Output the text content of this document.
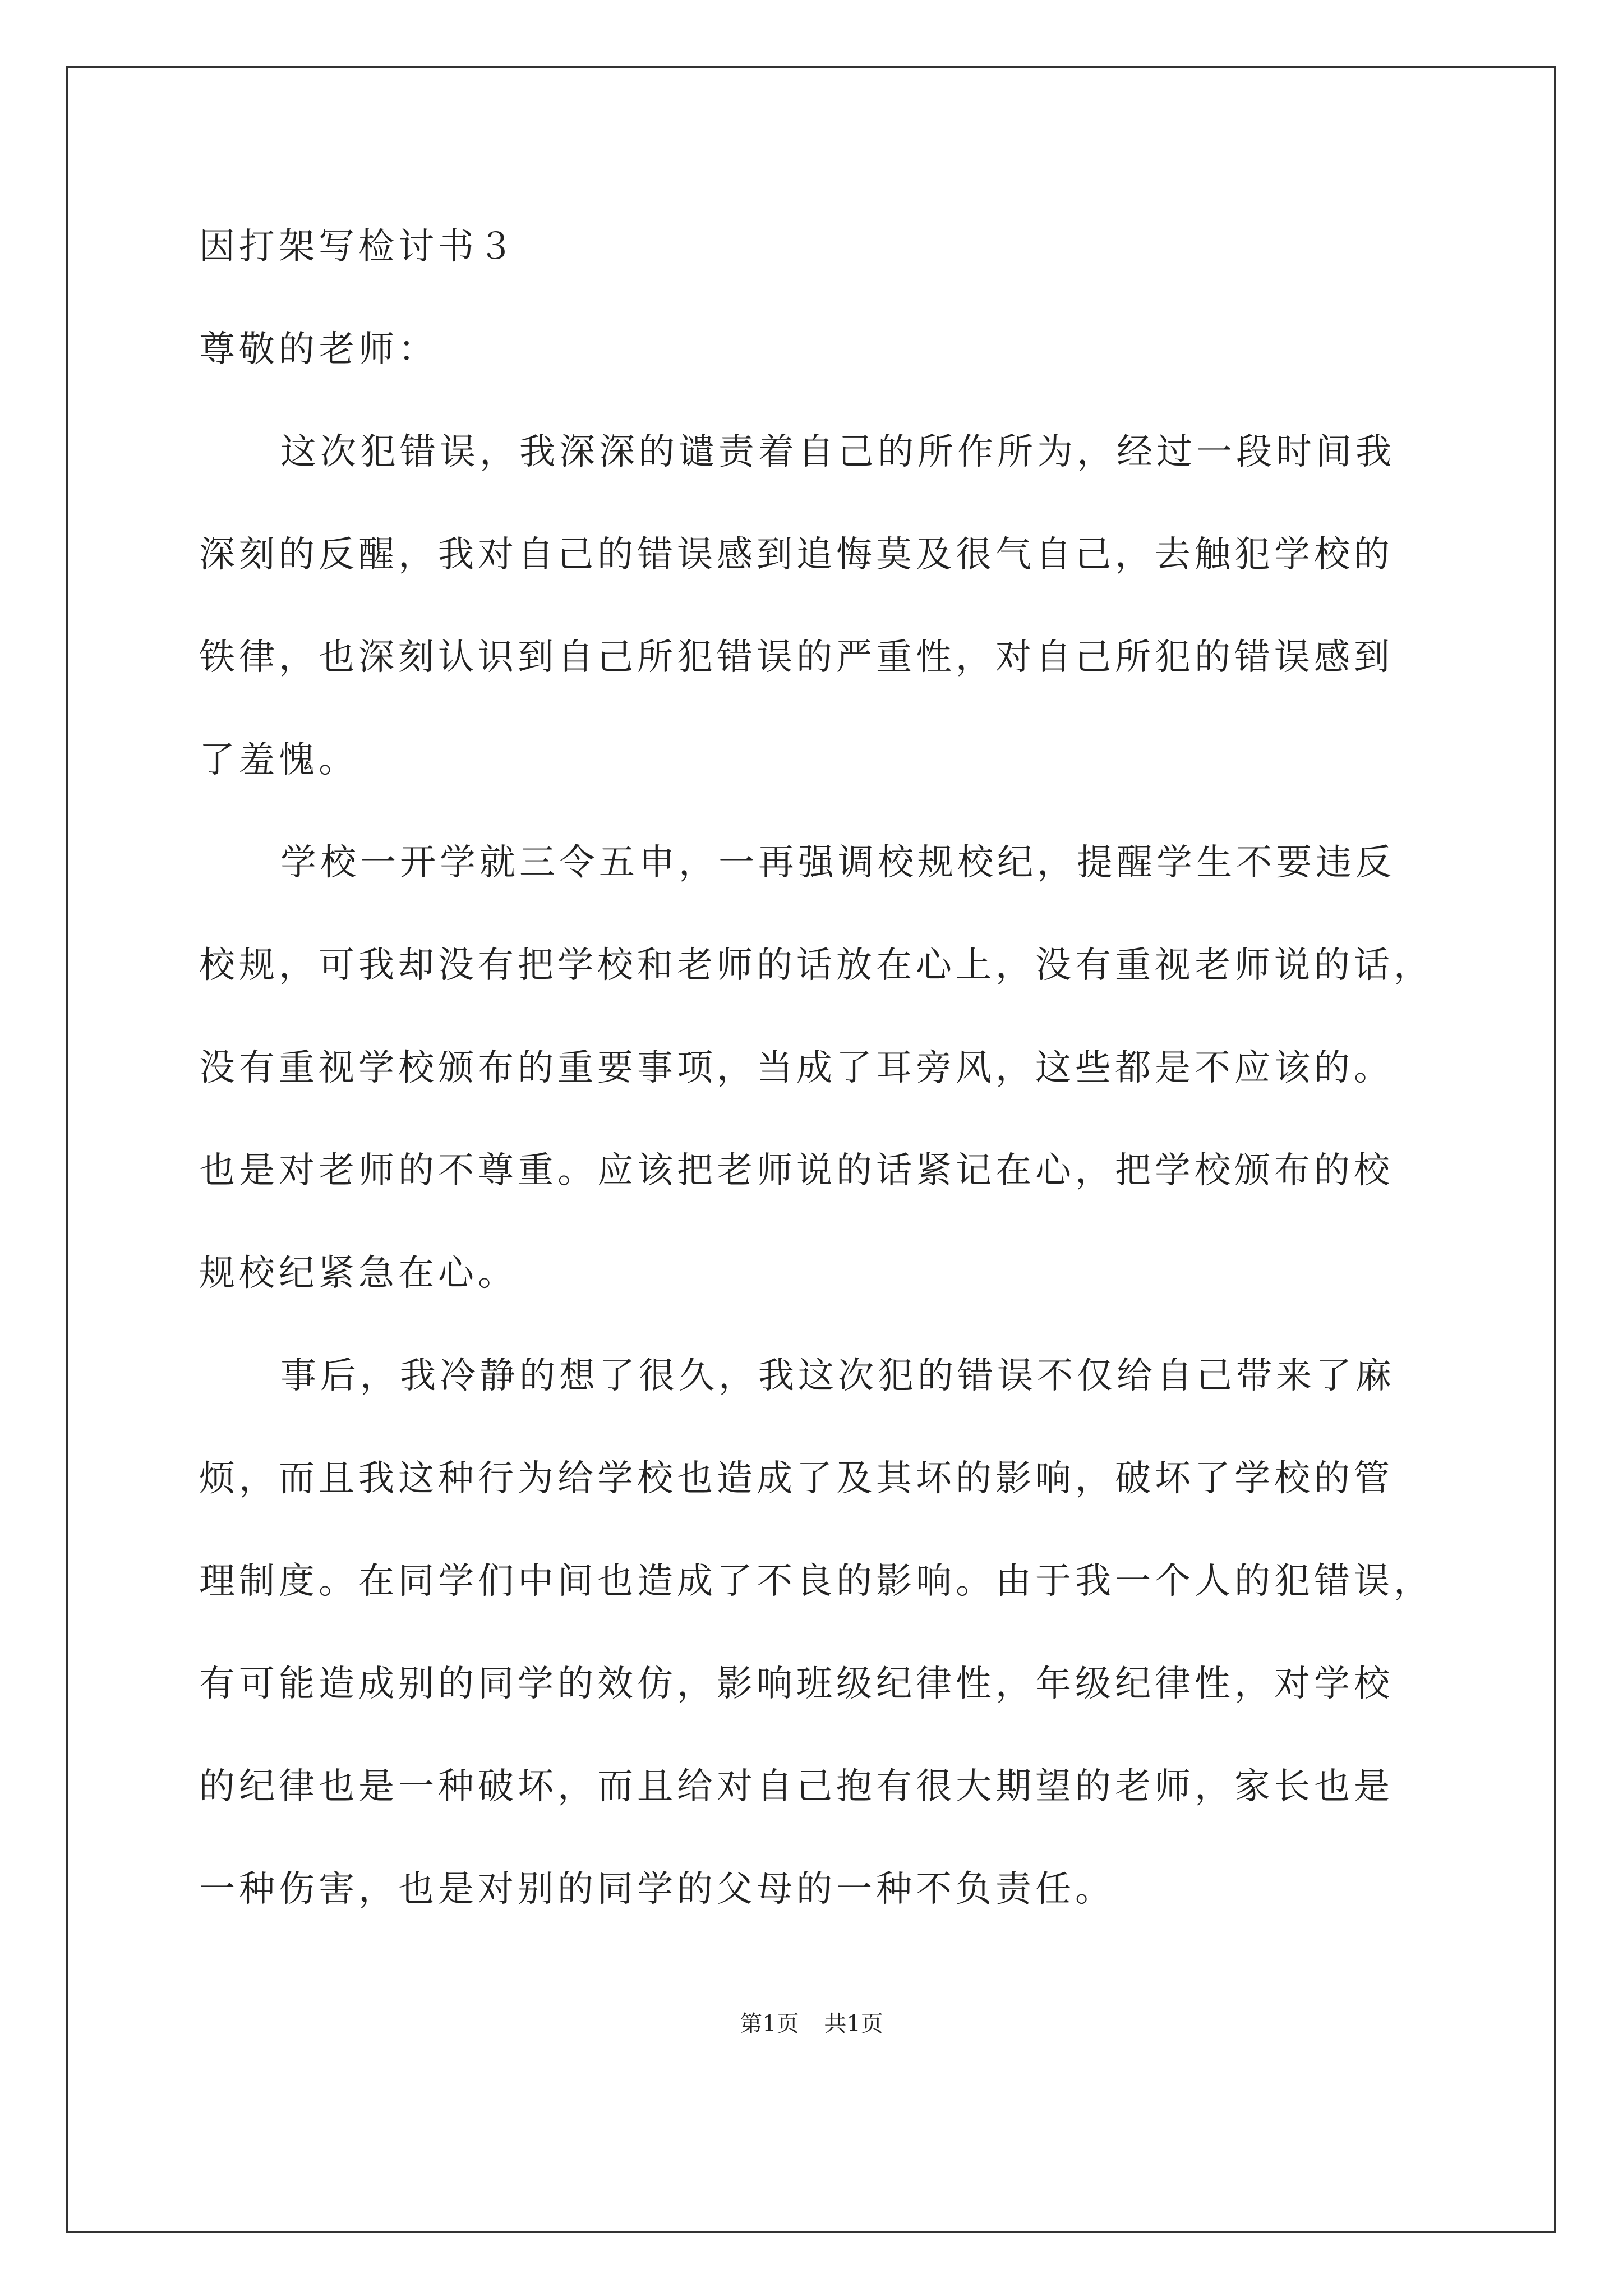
因打架写检讨书３

尊敬的老师：

这次犯错误，我深深的谴责着自己的所作所为，经过一段时间我

深刻的反醒，我对自己的错误感到追悔莫及很气自己，去触犯学校的

铁律，也深刻认识到自己所犯错误的严重性，对自己所犯的错误感到

了羞愧。

学校一开学就三令五申，一再强调校规校纪，提醒学生不要违反

校规，可我却没有把学校和老师的话放在心上，没有重视老师说的话，

没有重视学校颁布的重要事项，当成了耳旁风，这些都是不应该的。

也是对老师的不尊重。应该把老师说的话紧记在心，把学校颁布的校

规校纪紧急在心。

事后，我冷静的想了很久，我这次犯的错误不仅给自己带来了麻

烦，而且我这种行为给学校也造成了及其坏的影响，破坏了学校的管

理制度。在同学们中间也造成了不良的影响。由于我一个人的犯错误，

有可能造成别的同学的效仿，影响班级纪律性，年级纪律性，对学校

的纪律也是一种破坏，而且给对自己抱有很大期望的老师，家长也是

一种伤害，也是对别的同学的父母的一种不负责任。

第1页 共1页
